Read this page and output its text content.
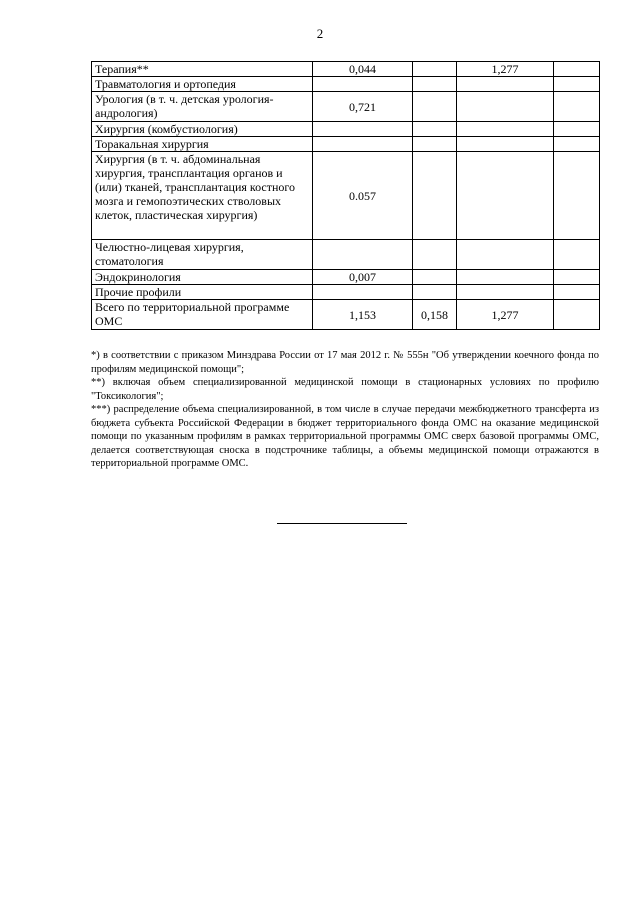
2
Терапия**	0,044		1,277	
Травматология и ортопедия				
Урология (в т. ч. детская урология-андрология)	0,721			
Хирургия (комбустиология)				
Торакальная хирургия				
Хирургия (в т. ч. абдоминальная хирургия, трансплантация органов и (или) тканей, трансплантация костного мозга и гемопоэтических стволовых клеток, пластическая хирургия)	0.057			
Челюстно-лицевая хирургия, стоматология				
Эндокринология	0,007			
Прочие профили				
Всего по территориальной программе ОМС	1,153	0,158	1,277	

*) в соответствии с приказом Минздрава России от 17 мая 2012 г. № 555н "Об утверждении коечного фонда по профилям медицинской помощи";

**) включая объем специализированной медицинской помощи в стационарных условиях по профилю "Токсикология";

***) распределение объема специализированной, в том числе в случае передачи межбюджетного трансферта из бюджета субъекта Российской Федерации в бюджет территориального фонда ОМС на оказание медицинской помощи по указанным профилям в рамках территориальной программы ОМС сверх базовой программы ОМС, делается соответствующая сноска в подстрочнике таблицы, а объемы медицинской помощи отражаются в территориальной программе ОМС.
